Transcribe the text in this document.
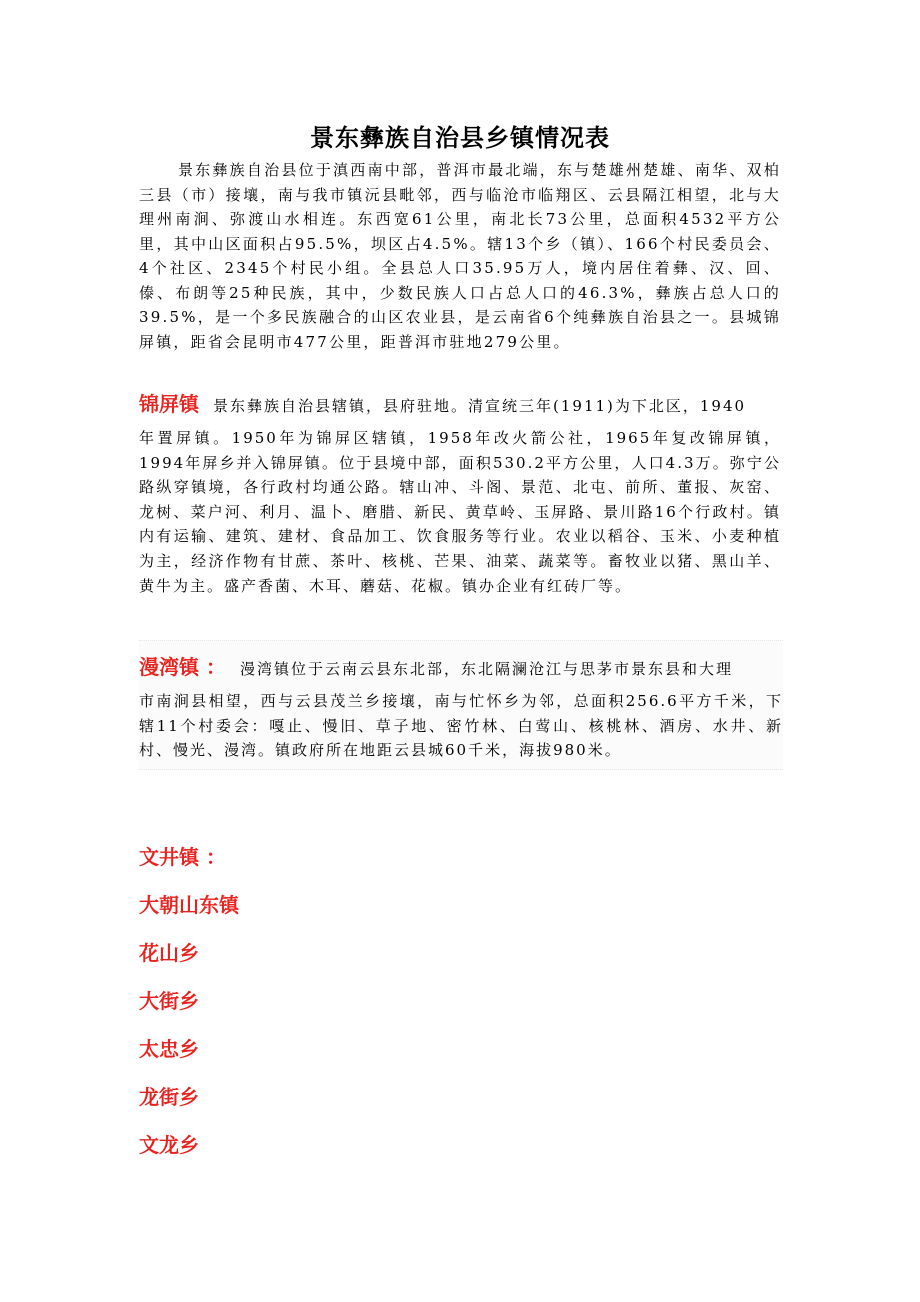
景东彝族自治县乡镇情况表

景东彝族自治县位于滇西南中部，普洱市最北端，东与楚雄州楚雄、南华、双柏三县（市）接壤，南与我市镇沅县毗邻，西与临沧市临翔区、云县隔江相望，北与大理州南涧、弥渡山水相连。东西宽61公里，南北长73公里，总面积4532平方公里，其中山区面积占95.5%，坝区占4.5%。辖13个乡（镇）、166个村民委员会、4个社区、2345个村民小组。全县总人口35.95万人，境内居住着彝、汉、回、傣、布朗等25种民族，其中，少数民族人口占总人口的46.3%，彝族占总人口的39.5%，是一个多民族融合的山区农业县，是云南省6个纯彝族自治县之一。县城锦屏镇，距省会昆明市477公里，距普洱市驻地279公里。

锦屏镇 景东彝族自治县辖镇，县府驻地。清宣统三年(1911)为下北区，1940
年置屏镇。1950年为锦屏区辖镇，1958年改火箭公社，1965年复改锦屏镇，1994年屏乡并入锦屏镇。位于县境中部，面积530.2平方公里，人口4.3万。弥宁公路纵穿镇境，各行政村均通公路。辖山冲、斗阁、景范、北屯、前所、董报、灰窑、龙树、菜户河、利月、温卜、磨腊、新民、黄草岭、玉屏路、景川路16个行政村。镇内有运输、建筑、建材、食品加工、饮食服务等行业。农业以稻谷、玉米、小麦种植为主，经济作物有甘蔗、茶叶、核桃、芒果、油菜、蔬菜等。畜牧业以猪、黑山羊、黄牛为主。盛产香菌、木耳、蘑菇、花椒。镇办企业有红砖厂等。
漫湾镇 ： 漫湾镇位于云南云县东北部，东北隔澜沧江与思茅市景东县和大理
市南涧县相望，西与云县茂兰乡接壤，南与忙怀乡为邻，总面积256.6平方千米，下辖11个村委会：嘎止、慢旧、草子地、密竹林、白莺山、核桃林、酒房、水井、新村、慢光、漫湾。镇政府所在地距云县城60千米，海拔980米。
文井镇 ：
大朝山东镇
花山乡
大街乡
太忠乡
龙街乡
文龙乡
